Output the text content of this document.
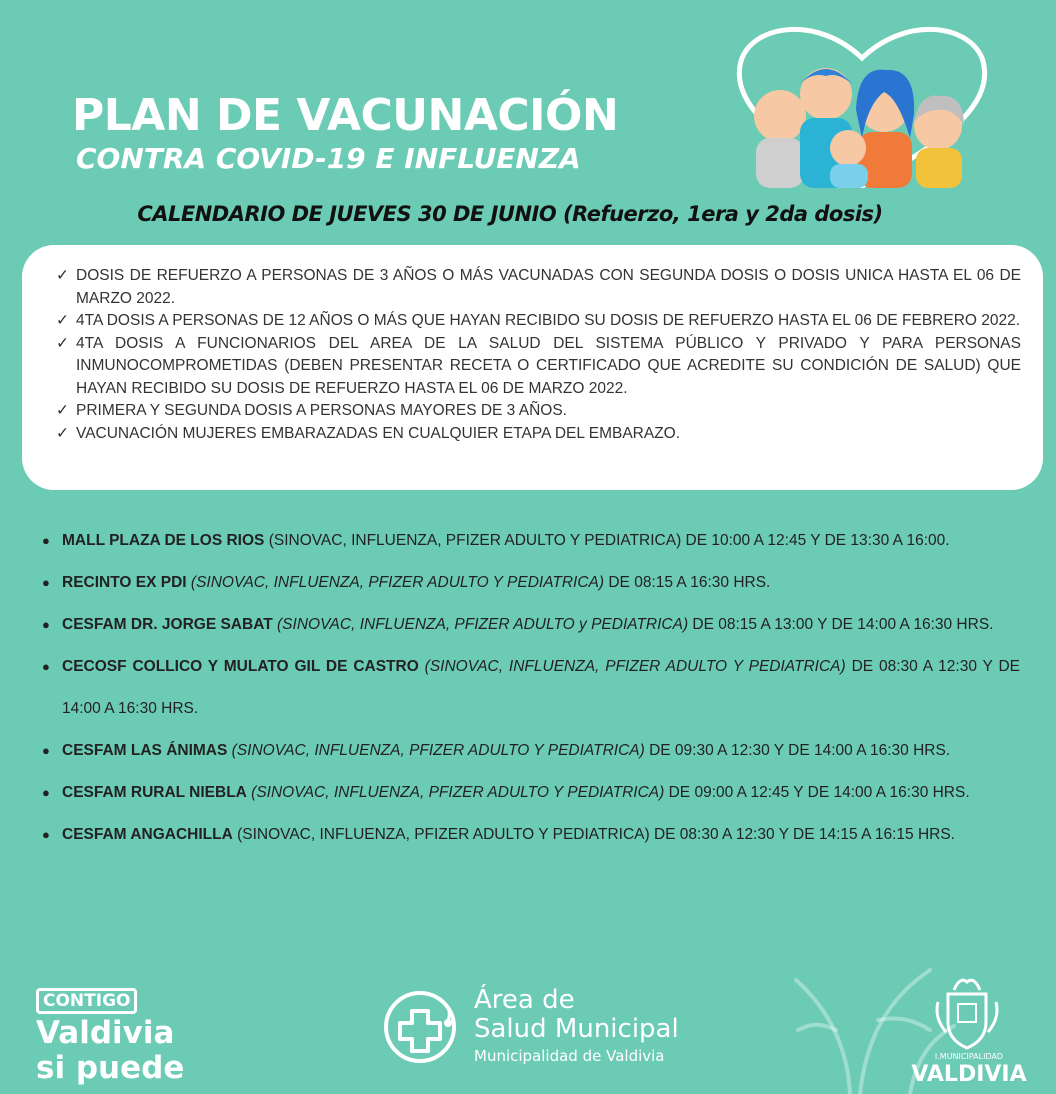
PLAN DE VACUNACIÓN
CONTRA COVID-19 E INFLUENZA
CALENDARIO DE JUEVES 30 DE JUNIO (Refuerzo, 1era y 2da dosis)
✓ DOSIS DE REFUERZO A PERSONAS DE 3 AÑOS O MÁS VACUNADAS CON SEGUNDA DOSIS O DOSIS UNICA HASTA EL 06 DE MARZO 2022.
✓ 4TA DOSIS A PERSONAS DE 12 AÑOS O MÁS QUE HAYAN RECIBIDO SU DOSIS DE REFUERZO HASTA EL 06 DE FEBRERO 2022.
✓ 4TA DOSIS A FUNCIONARIOS DEL AREA DE LA SALUD DEL SISTEMA PÚBLICO Y PRIVADO Y PARA PERSONAS INMUNOCOMPROMETIDAS (DEBEN PRESENTAR RECETA O CERTIFICADO QUE ACREDITE SU CONDICIÓN DE SALUD) QUE HAYAN RECIBIDO SU DOSIS DE REFUERZO HASTA EL 06 DE MARZO 2022.
✓ PRIMERA Y SEGUNDA DOSIS A PERSONAS MAYORES DE 3 AÑOS.
✓ VACUNACIÓN MUJERES EMBARAZADAS EN CUALQUIER ETAPA DEL EMBARAZO.
● MALL PLAZA DE LOS RIOS (SINOVAC, INFLUENZA, PFIZER ADULTO Y PEDIATRICA) DE 10:00 A 12:45 Y DE 13:30 A 16:00.
● RECINTO EX PDI (SINOVAC, INFLUENZA, PFIZER ADULTO Y PEDIATRICA) DE 08:15 A 16:30 HRS.
● CESFAM DR. JORGE SABAT (SINOVAC, INFLUENZA, PFIZER ADULTO y PEDIATRICA) DE 08:15 A 13:00 Y DE 14:00 A 16:30 HRS.
● CECOSF COLLICO Y MULATO GIL DE CASTRO (SINOVAC, INFLUENZA, PFIZER ADULTO Y PEDIATRICA) DE 08:30 A 12:30 Y DE 14:00 A 16:30 HRS.
● CESFAM LAS ÁNIMAS (SINOVAC, INFLUENZA, PFIZER ADULTO Y PEDIATRICA) DE 09:30 A 12:30 Y DE 14:00 A 16:30 HRS.
● CESFAM RURAL NIEBLA (SINOVAC, INFLUENZA, PFIZER ADULTO Y PEDIATRICA) DE 09:00 A 12:45 Y DE 14:00 A 16:30 HRS.
● CESFAM ANGACHILLA (SINOVAC, INFLUENZA, PFIZER ADULTO Y PEDIATRICA) DE 08:30 A 12:30 Y DE 14:15 A 16:15 HRS.
CONTIGO
Valdivia
si puede
Área de
Salud Municipal
Municipalidad de Valdivia	I.MUNICIPALIDAD
VALDIVIA
